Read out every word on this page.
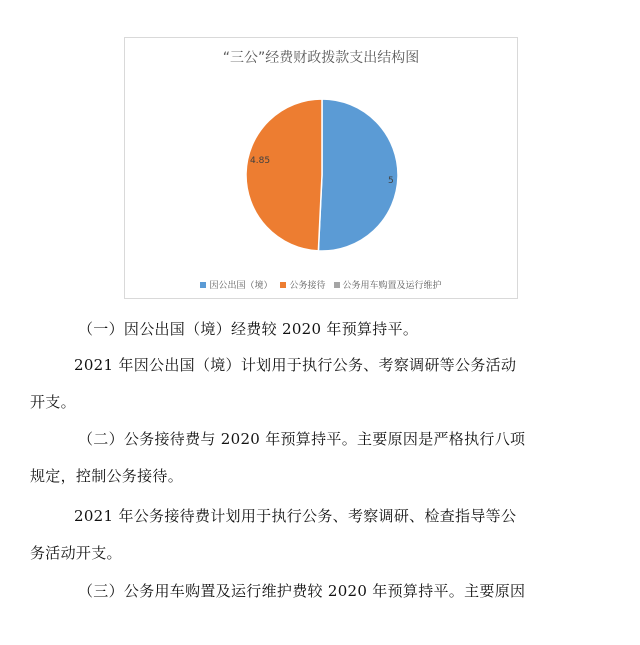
“三公”经费财政拨款支出结构图
5
4.85
因公出国（境） 公务接待 公务用车购置及运行维护
（一）因公出国（境）经费较 2020 年预算持平。
2021 年因公出国（境）计划用于执行公务、考察调研等公务活动
开支。
（二）公务接待费与 2020 年预算持平。主要原因是严格执行八项
规定，控制公务接待。
2021 年公务接待费计划用于执行公务、考察调研、检查指导等公
务活动开支。
（三）公务用车购置及运行维护费较 2020 年预算持平。主要原因
